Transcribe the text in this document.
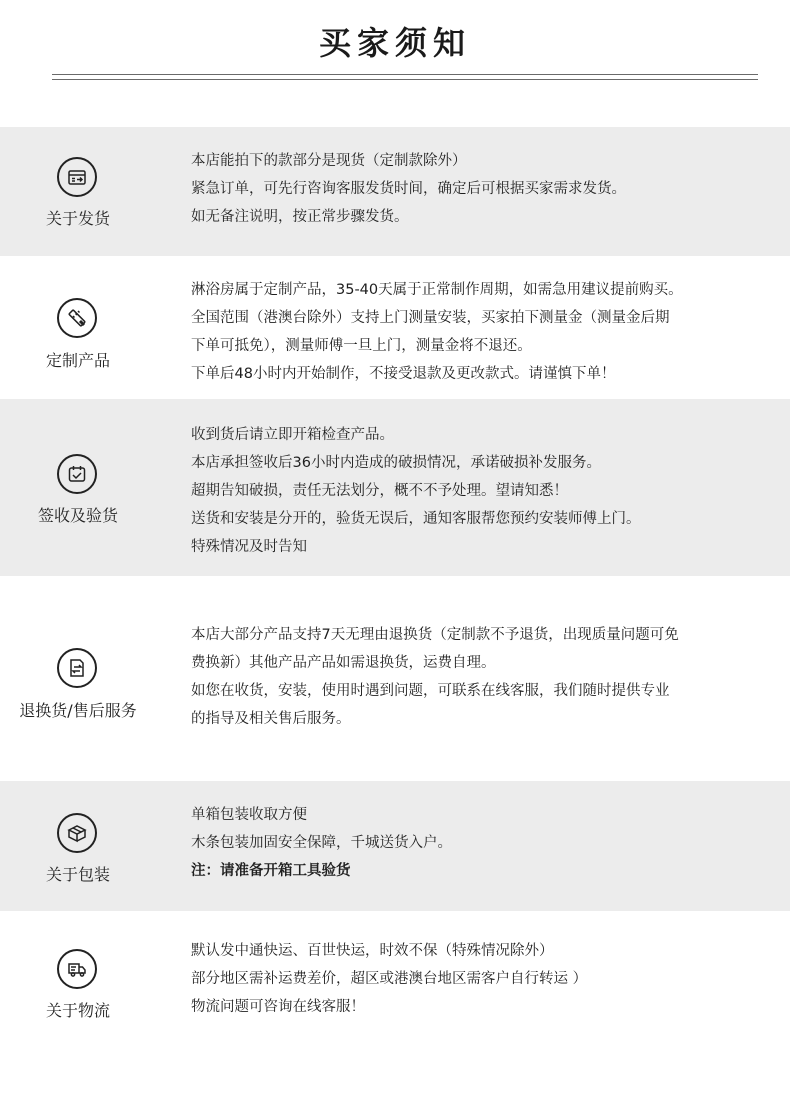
买家须知
关于发货
本店能拍下的款部分是现货（定制款除外）
紧急订单，可先行咨询客服发货时间，确定后可根据买家需求发货。
如无备注说明，按正常步骤发货。
定制产品
淋浴房属于定制产品，35-40天属于正常制作周期，如需急用建议提前购买。
全国范围（港澳台除外）支持上门测量安装，买家拍下测量金（测量金后期
下单可抵免），测量师傅一旦上门，测量金将不退还。
下单后48小时内开始制作，不接受退款及更改款式。请谨慎下单！
签收及验货
收到货后请立即开箱检查产品。
本店承担签收后36小时内造成的破损情况，承诺破损补发服务。
超期告知破损，责任无法划分，概不不予处理。望请知悉！
送货和安装是分开的，验货无误后，通知客服帮您预约安装师傅上门。
特殊情况及时告知
退换货/售后服务
本店大部分产品支持7天无理由退换货（定制款不予退货，出现质量问题可免
费换新）其他产品产品如需退换货，运费自理。
如您在收货，安装，使用时遇到问题，可联系在线客服，我们随时提供专业
的指导及相关售后服务。
关于包装
单箱包装收取方便
木条包装加固安全保障，千城送货入户。
注：请准备开箱工具验货
关于物流
默认发中通快运、百世快运，时效不保（特殊情况除外）
部分地区需补运费差价，超区或港澳台地区需客户自行转运 ）
物流问题可咨询在线客服！
